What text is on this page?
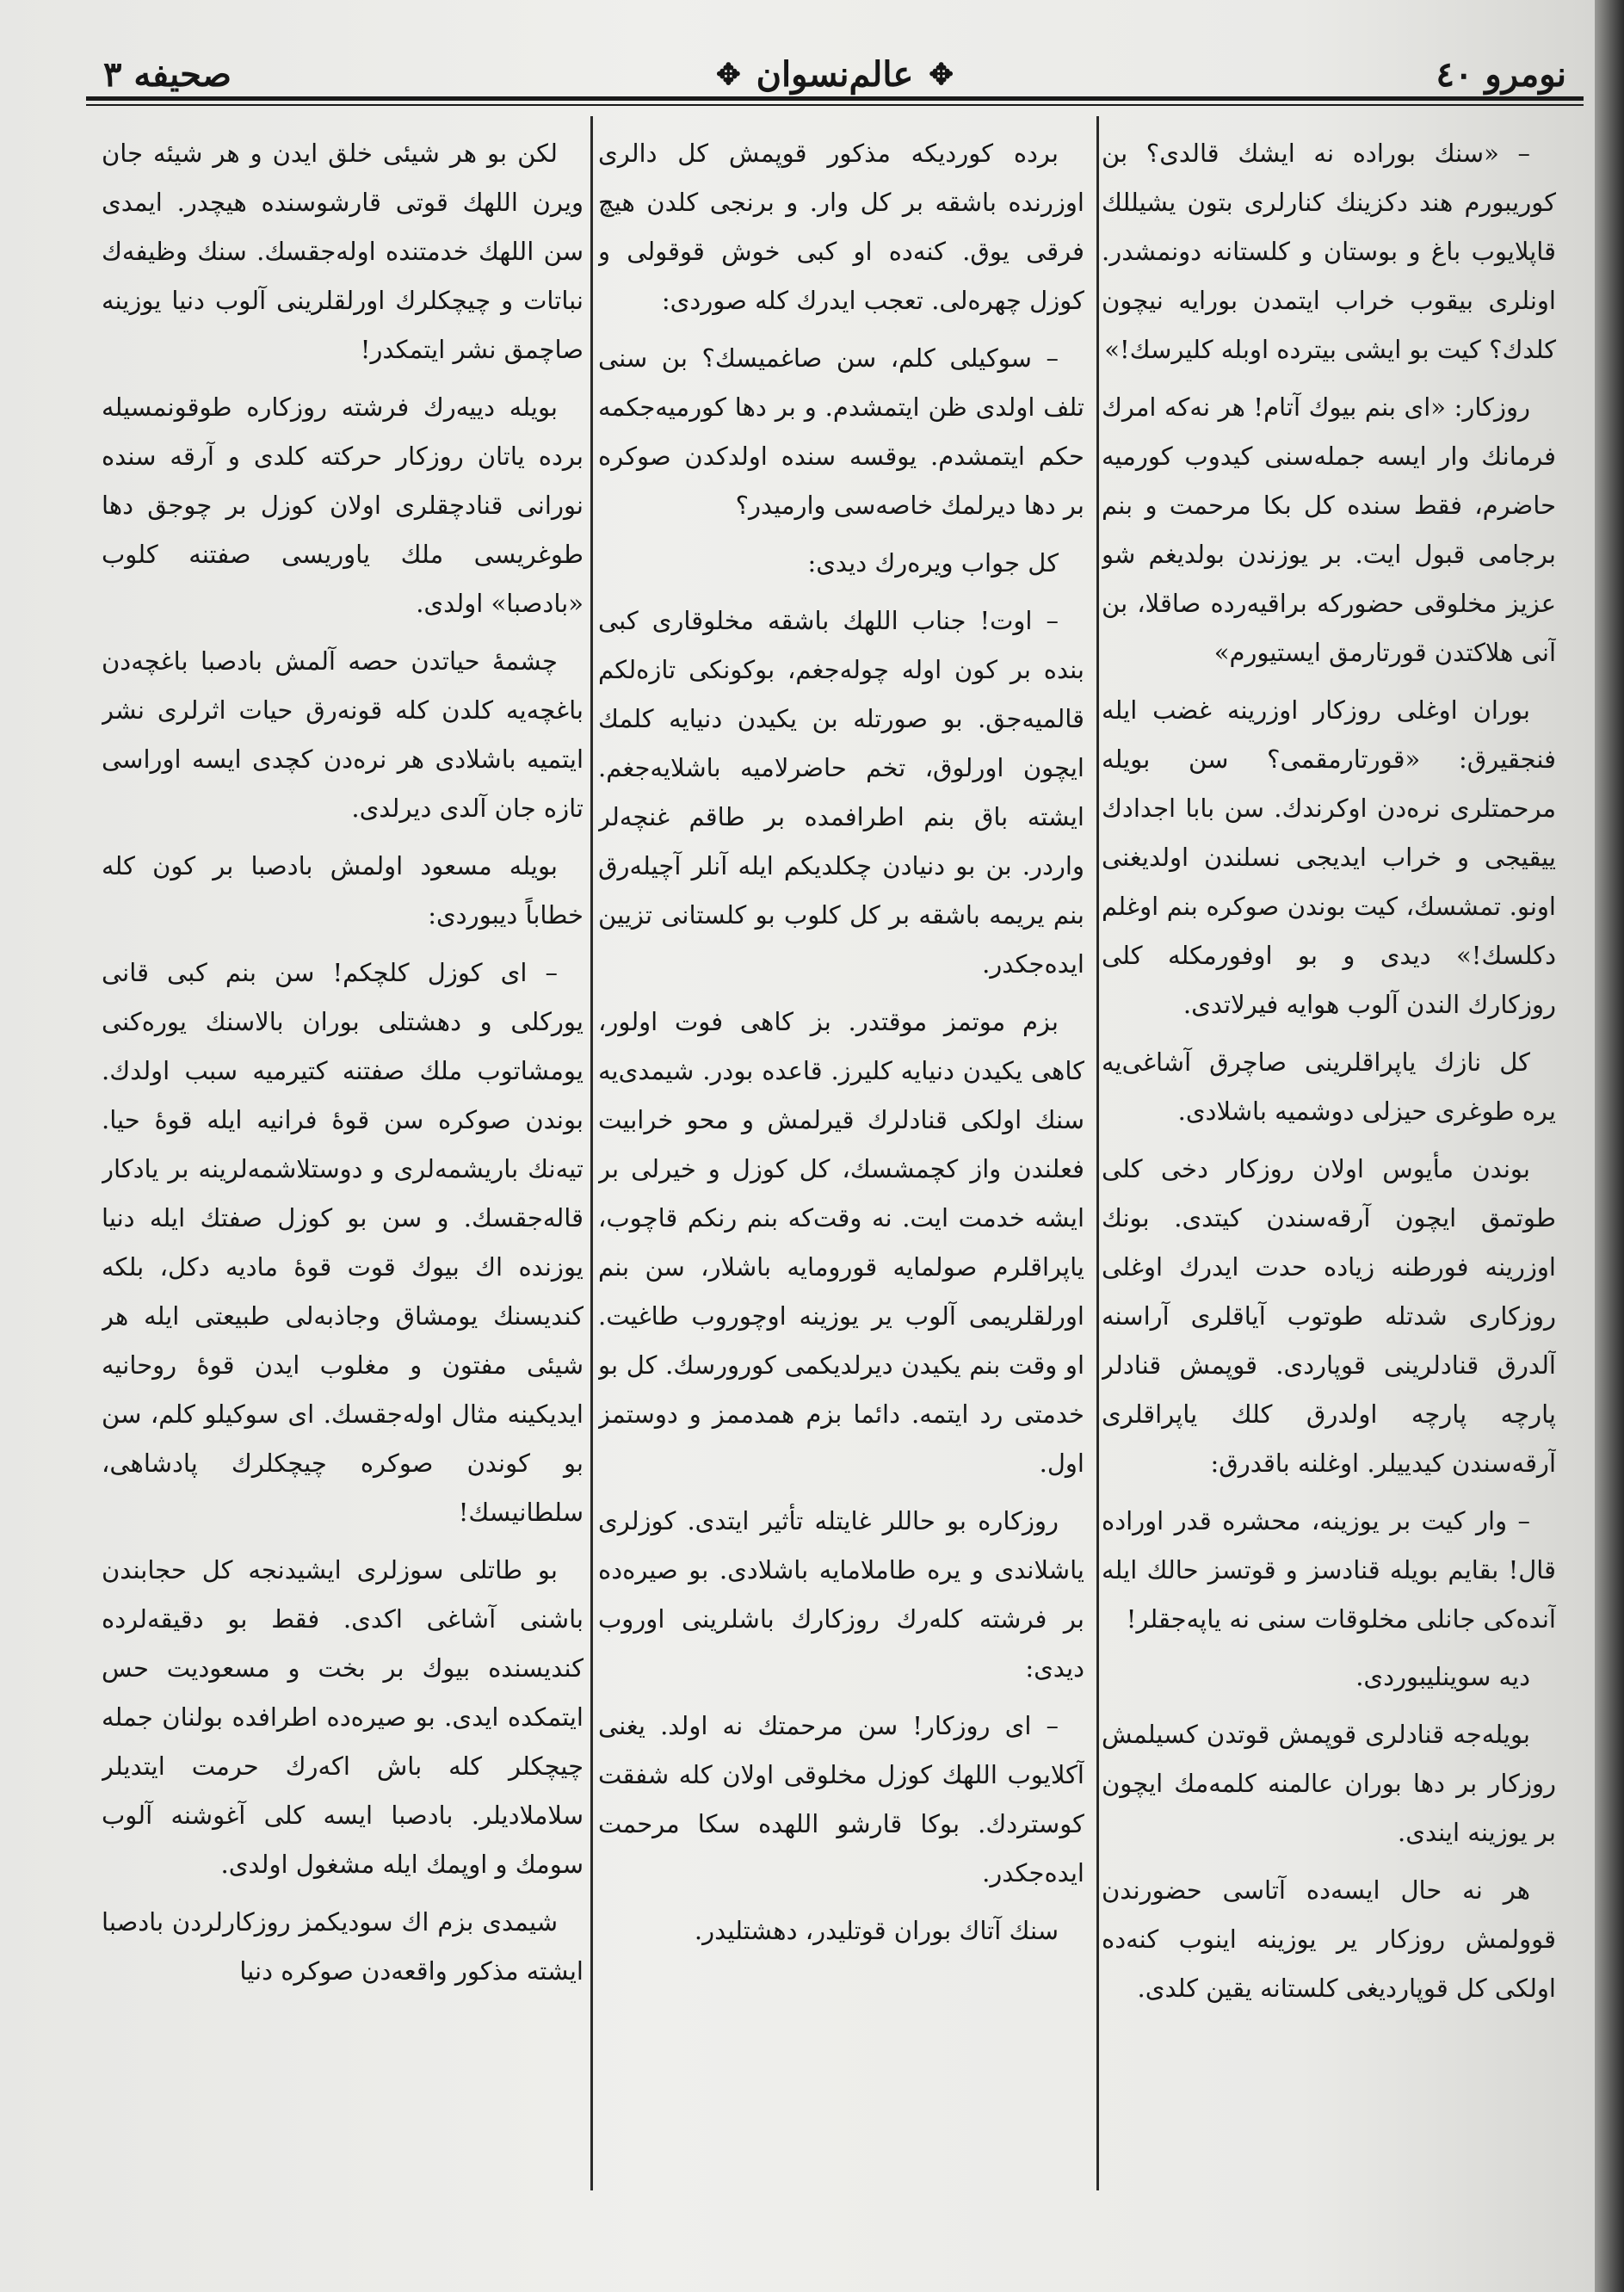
نومرو ٤٠
✥
عالم‌نسوان
✥
صحیفه ٣

– «سنك بوراده نه ایشك قالدی؟ بن کوریبورم هند دکزینك کنارلری بتون یشیللك قاپلایوب باغ و بوستان و کلستانه دونمشدر. اونلری بیقوب خراب ایتمدن بورایه نیچون کلدك؟ کیت بو ایشی بیترده اوبله کلیرسك!»

روزکار: «ای بنم بیوك آتام! هر نه‌که امرك فرمانك وار ایسه جمله‌سنی کیدوب کورمیه حاضرم، فقط سنده کل بکا مرحمت و بنم برجامی قبول ایت. بر یوزندن بولدیغم شو عزیز مخلوقی حضورکه براقیه‌رده صاقلا، بن آنی هلاکتدن قورتارمق ایستیورم»

بوران اوغلی روزکار اوزرینه غضب ایله فنجقیرق: «قورتارمقمی؟ سن بویله مرحمتلری نره‌دن اوکرندك. سن بابا اجدادك ییقیجی و خراب ایدیجی نسلندن اولدیغنی اونو. تمشسك، کیت بوندن صوکره بنم اوغلم دکلسك!» دیدی و بو اوفورمکله کلی روزکارك الندن آلوب هوایه فیرلاتدی.

کل نازك یاپراقلرینی صاچرق آشاغی‌یه یره طوغری حیزلی دوشمیه باشلادی.

بوندن مأیوس اولان روزکار دخی کلی طوتمق ایچون آرقه‌سندن کیتدی. بونك اوزرینه فورطنه زیاده حدت ایدرك اوغلی روزکاری شدتله طوتوب آیاقلری آراسنه آلدرق قنادلرینی قوپاردی. قوپمش قنادلر پارچه پارچه اولدرق کلك یاپراقلری آرقه‌سندن کیدییلر. اوغلنه باقدرق:

– وار کیت بر یوزینه، محشره قدر اوراده قال! بقایم بویله قنادسز و قوتسز حالك ایله آنده‌کی جانلی مخلوقات سنی نه یاپه‌جقلر!

دیه سوینلیبوردی.

بویله‌جه قنادلری قوپمش قوتدن کسیلمش روزکار بر دها بوران عالمنه کلمه‌مك ایچون بر یوزینه ایندی.

هر نه حال ایسه‌ده آتاسی حضورندن قوولمش روزکار یر یوزینه اینوب کنه‌ده اولکی کل قوپاردیغی کلستانه یقین کلدی.

برده کوردیکه مذکور قوپمش کل دالری اوزرنده باشقه بر کل وار. و برنجی کلدن هیچ فرقی یوق. کنه‌ده او کبی خوش قوقولی و کوزل چهره‌لی. تعجب ایدرك کله صوردی:

– سوکیلی کلم، سن صاغمیسك؟ بن سنی تلف اولدی ظن ایتمشدم. و بر دها کورمیه‌جکمه حکم ایتمشدم. یوقسه سنده اولدکدن صوکره بر دها دیرلمك خاصه‌سی وارمیدر؟

کل جواب ویره‌رك دیدی:

– اوت! جناب اللهك باشقه مخلوقاری کبی بنده بر کون اوله چوله‌جغم، بوکونکی تازه‌لکم قالمیه‌جق. بو صورتله بن یکیدن دنیایه کلمك ایچون اورلوق، تخم حاضرلامیه باشلایه‌جغم. ایشته باق بنم اطرافمده بر طاقم غنچه‌لر واردر. بن بو دنیادن چکلدیکم ایله آنلر آچیله‌رق بنم یریمه باشقه بر کل کلوب بو کلستانی تزیین ایده‌جکدر.

بزم موتمز موقتدر. بز کاهی فوت اولور، کاهی یکیدن دنیایه کلیرز. قاعده بودر. شیمدی‌یه سنك اولکی قنادلرك قیرلمش و محو خرابیت فعلندن واز کچمشسك، کل کوزل و خیرلی بر ایشه خدمت ایت. نه وقت‌که بنم رنکم قاچوب، یاپراقلرم صولمایه قورومایه باشلار، سن بنم اورلقلریمی آلوب یر یوزینه اوچوروب طاغیت. او وقت بنم یکیدن دیرلدیکمی کورورسك. کل بو خدمتی رد ایتمه. دائما بزم همدممز و دوستمز اول.

روزکاره بو حاللر غایتله تأثیر ایتدی. کوزلری یاشلاندی و یره طاملامایه باشلادی. بو صیره‌ده بر فرشته کله‌رك روزکارك باشلرینی اوروب دیدی:

– ای روزکار! سن مرحمتك نه اولد. یغنی آکلایوب اللهك کوزل مخلوقی اولان کله شفقت کوستردك. بوکا قارشو اللهده سکا مرحمت ایده‌جکدر.

سنك آتاك بوران قوتلیدر، دهشتلیدر.

لکن بو هر شیئی خلق ایدن و هر شیئه جان ویرن اللهك قوتی قارشوسنده هیچدر. ایمدی سن اللهك خدمتنده اوله‌جقسك. سنك وظیفه‌ك نباتات و چیچکلرك اورلقلرینی آلوب دنیا یوزینه صاچمق نشر ایتمکدر!

بویله دییه‌رك فرشته روزکاره طوقونمسیله برده یاتان روزکار حرکته کلدی و آرقه سنده نورانی قنادچقلری اولان کوزل بر چوجق دها طوغریسی ملك یاوریسی صفتنه کلوب «بادصبا» اولدی.

چشمهٔ حیاتدن حصه آلمش بادصبا باغچه‌دن باغچه‌یه کلدن کله قونه‌رق حیات اثرلری نشر ایتمیه باشلادی هر نره‌دن کچدی ایسه اوراسی تازه جان آلدی دیرلدی.

بویله مسعود اولمش بادصبا بر کون کله خطاباً دیبوردی:

– ای کوزل کلچکم! سن بنم کبی قانی یورکلی و دهشتلی بوران بالاسنك یوره‌کنی یومشاتوب ملك صفتنه کتیرمیه سبب اولدك. بوندن صوکره سن قوهٔ فرانیه ایله قوهٔ حیا. تیه‌نك باریشمه‌لری و دوستلاشمه‌لرینه بر یادکار قاله‌جقسك. و سن بو کوزل صفتك ایله دنیا یوزنده اك بیوك قوت قوهٔ مادیه دکل، بلکه کندیسنك یومشاق وجاذبه‌لی طبیعتی ایله هر شیئی مفتون و مغلوب ایدن قوهٔ روحانیه ایدیکینه مثال اوله‌جقسك. ای سوکیلو کلم، سن بو کوندن صوکره چیچکلرك پادشاهی، سلطانیسك!

بو طاتلی سوزلری ایشیدنجه کل حجابندن باشنی آشاغی اکدی. فقط بو دقیقه‌لرده کندیسنده بیوك بر بخت و مسعودیت حس ایتمکده ایدی. بو صیره‌ده اطرافده بولنان جمله چیچکلر کله باش اکه‌رك حرمت ایتدیلر سلاملادیلر. بادصبا ایسه کلی آغوشنه آلوب سومك و اوپمك ایله مشغول اولدی.

شیمدی بزم اك سودیکمز روزکارلردن بادصبا ایشته مذکور واقعه‌دن صوکره دنیا
